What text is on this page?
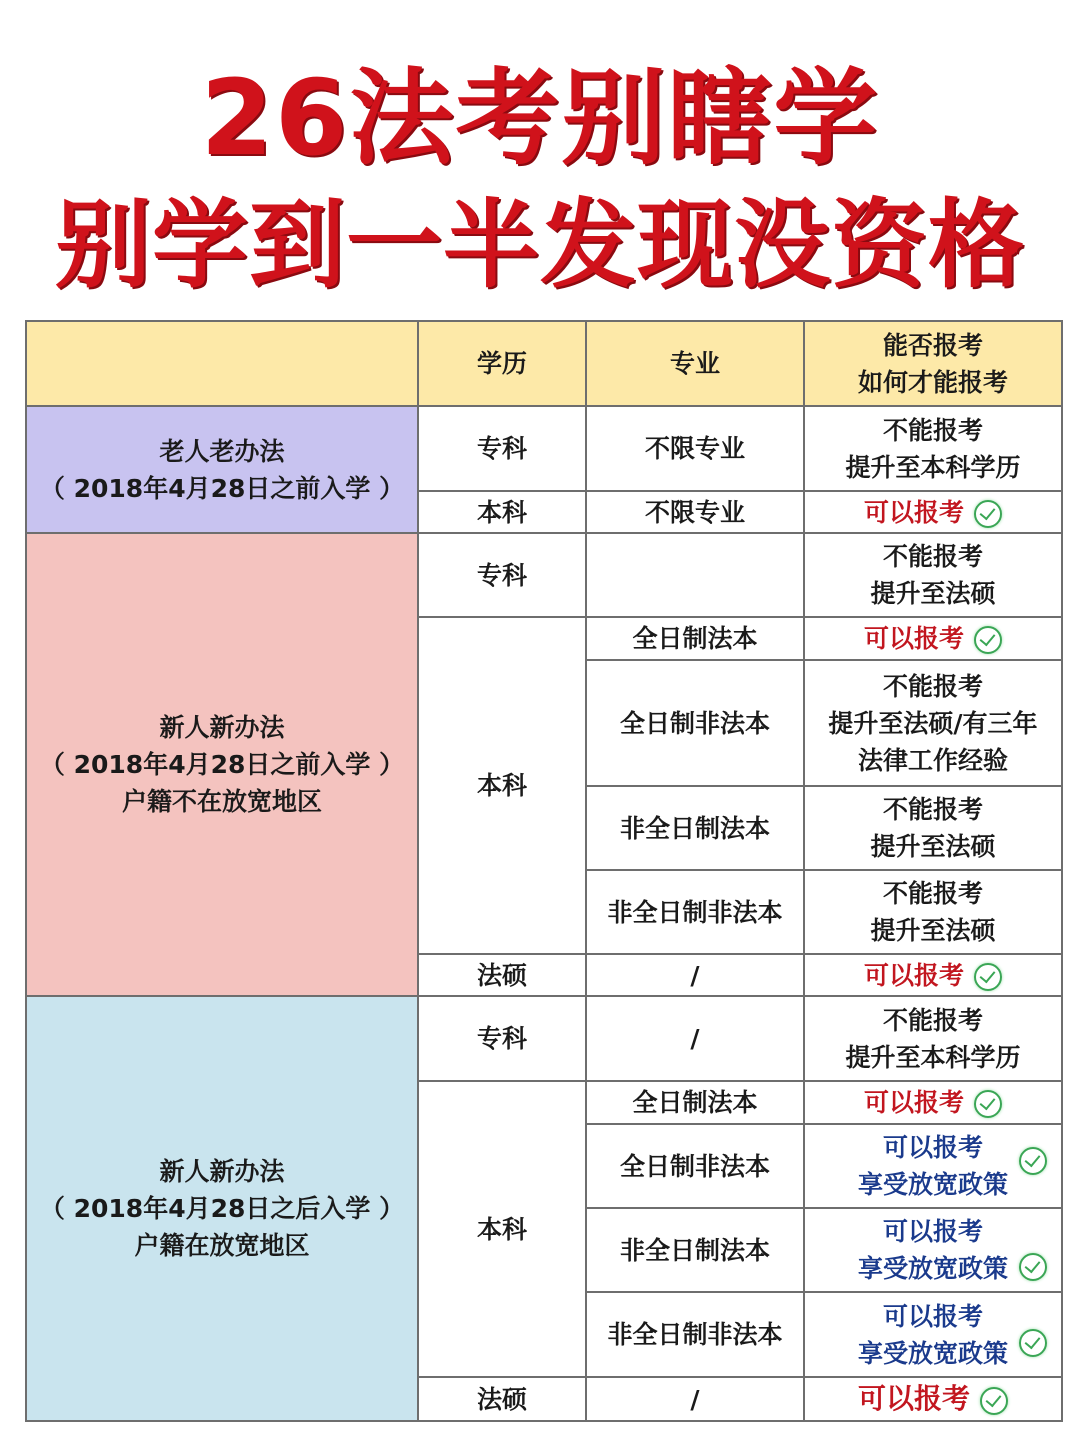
26法考别瞎学
别学到一半发现没资格
	学历	专业	能否报考
如何才能报考

老人老办法
（ 2018年4月28日之前入学 ）	专科	不限专业	不能报考
提升至本科学历

	本科	不限专业	可以报考

新人新办法
（ 2018年4月28日之前入学 ）
户籍不在放宽地区	专科		不能报考
提升至法硕

	本科	全日制法本	可以报考
		全日制非法本	不能报考
提升至法硕/有三年
法律工作经验

		非全日制法本	不能报考
提升至法硕

		非全日制非法本	不能报考
提升至法硕

	法硕	/	可以报考

新人新办法
（ 2018年4月28日之后入学 ）
户籍在放宽地区	专科	/	不能报考
提升至本科学历

	本科	全日制法本	可以报考
		全日制非法本	可以报考
享受放宽政策

		非全日制法本	可以报考
享受放宽政策

		非全日制非法本	可以报考
享受放宽政策

	法硕	/	可以报考
